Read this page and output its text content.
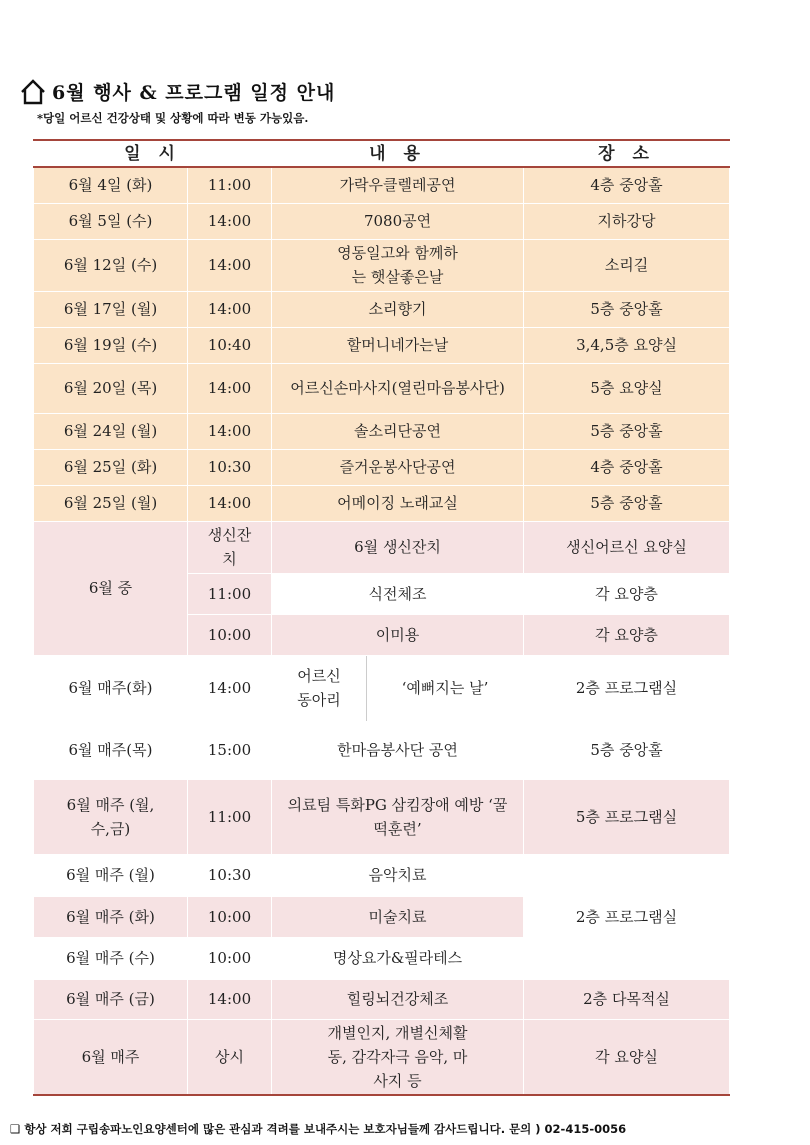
6월 행사 & 프로그램 일정 안내
*당일 어르신 건강상태 및 상황에 따라 변동 가능있음.
일 시		내 용		장 소
6월 4일 (화)	11:00	가락우클렐레공연		4층 중앙홀
6월 5일 (수)	14:00	7080공연		지하강당
6월 12일 (수)	14:00	영동일고와 함께하는 햇살좋은날		소리길
6월 17일 (월)	14:00	소리향기		5층 중앙홀
6월 19일 (수)	10:40	할머니네가는날		3,4,5층 요양실
6월 20일 (목)	14:00	어르신손마사지(열린마음봉사단)		5층 요양실
6월 24일 (월)	14:00	솔소리단공연		5층 중앙홀
6월 25일 (화)	10:30	즐거운봉사단공연		4층 중앙홀
6월 25일 (월)	14:00	어메이징 노래교실		5층 중앙홀
6월 중	생신잔치	6월 생신잔치		생신어르신 요양실
	11:00	식전체조		각 요양층
	10:00	이미용		각 요양층
6월 매주(화)	14:00	어르신 동아리	‘예뻐지는 날’	2층 프로그램실
6월 매주(목)	15:00	한마음봉사단 공연		5층 중앙홀
6월 매주 (월,수,금)	11:00	의료팀 특화PG 삼킴장애 예방 ‘꿀떡훈련’		5층 프로그램실
6월 매주 (월)	10:30	음악치료		2층 프로그램실
6월 매주 (화)	10:00	미술치료		
6월 매주 (수)	10:00	명상요가&필라테스		
6월 매주 (금)	14:00	힐링뇌건강체조		2층 다목적실
6월 매주	상시	개별인지, 개별신체활동, 감각자극 음악, 마사지 등		각 요양실
❑ 항상 저희 구립송파노인요양센터에 많은 관심과 격려를 보내주시는 보호자님들께 감사드립니다. 문의 ) 02-415-0056
